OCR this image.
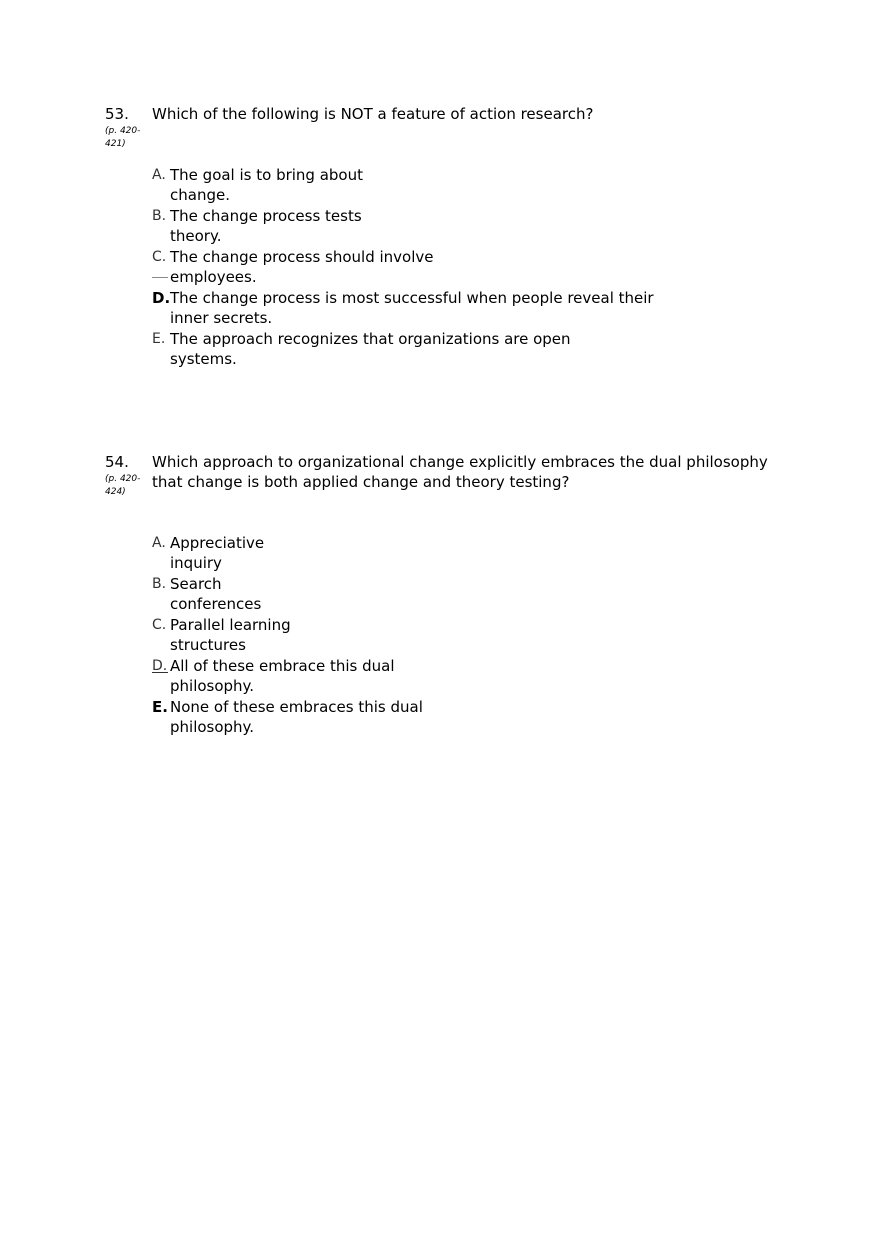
53.
(p. 420-421)
Which of the following is NOT a feature of action research?
A. The goal is to bring about change.
B. The change process tests theory.
C. The change process should involve employees.
D. The change process is most successful when people reveal their inner secrets.
E. The approach recognizes that organizations are open systems.
54.
(p. 420-424)
Which approach to organizational change explicitly embraces the dual philosophy that change is both applied change and theory testing?
A. Appreciative inquiry
B. Search conferences
C. Parallel learning structures
D. All of these embrace this dual philosophy.
E. None of these embraces this dual philosophy.
